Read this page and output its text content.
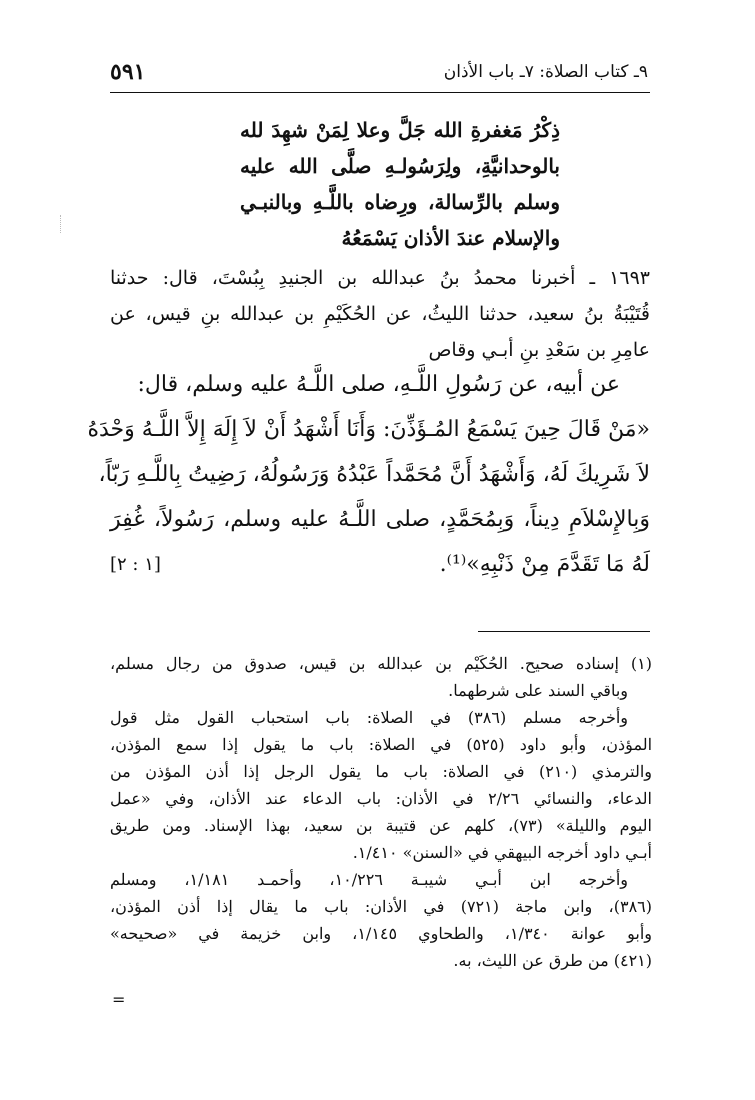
٩ـ كتاب الصلاة: ٧ـ باب الأذان
٥٩١
ذِكْرُ مَغفرةِ الله جَلَّ وعلا لِمَنْ شهِدَ لله
بالوحدانيَّةِ، ولِرَسُولـهِ صلَّى الله عليه
وسلم بالرِّسالة، ورِضاه باللَّـهِ وبالنبـي
والإسلام عندَ الأذان يَسْمَعُهُ
١٦٩٣ ـ أخبرنا محمدُ بنُ عبدالله بن الجنيدِ بِبُسْتَ، قال: حدثنا
قُتَيْبَةُ بنُ سعيد، حدثنا الليثُ، عن الحُكَيْمِ بن عبدالله بنِ قيس، عن
عامِرِ بن سَعْدِ بنِ أبـي وقاص
عن أبيه، عن رَسُولِ اللَّـهِ، صلى اللَّـهُ عليه وسلم، قال:
«مَنْ قَالَ حِينَ يَسْمَعُ المُـؤَذِّنَ: وَأَنَا أَشْهَدُ أَنْ لاَ إِلَهَ إِلاَّ اللَّـهُ وَحْدَهُ
لاَ شَرِيكَ لَهُ، وَأَشْهَدُ أَنَّ مُحَمَّداً عَبْدُهُ وَرَسُولُهُ، رَضِيتُ بِاللَّـهِ رَبّاً،
وَبِالإِسْلاَمِ دِيناً، وَبِمُحَمَّدٍ، صلى اللَّـهُ عليه وسلم، رَسُولاً، غُفِرَ
لَهُ مَا تَقَدَّمَ مِنْ ذَنْبِهِ»⁽¹⁾.
[١ : ٢]
(١) إسناده صحيح. الحُكَيْم بن عبدالله بن قيس، صدوق من رجال مسلم،
وباقي السند على شرطهما.
وأخرجه مسلم (٣٨٦) في الصلاة: باب استحباب القول مثل قول
المؤذن، وأبو داود (٥٢٥) في الصلاة: باب ما يقول إذا سمع المؤذن،
والترمذي (٢١٠) في الصلاة: باب ما يقول الرجل إذا أذن المؤذن من
الدعاء، والنسائي ٢/٢٦ في الأذان: باب الدعاء عند الأذان، وفي «عمل
اليوم والليلة» (٧٣)، كلهم عن قتيبة بن سعيد، بهذا الإسناد. ومن طريق
أبـي داود أخرجه البيهقي في «السنن» ١/٤١٠.
وأخرجه ابن أبـي شيبـة ١٠/٢٢٦، وأحمـد ١/١٨١، ومسلم
(٣٨٦)، وابن ماجة (٧٢١) في الأذان: باب ما يقال إذا أذن المؤذن،
وأبو عوانة ١/٣٤٠، والطحاوي ١/١٤٥، وابن خزيمة في «صحيحه»
(٤٢١) من طرق عن الليث، به.
=
